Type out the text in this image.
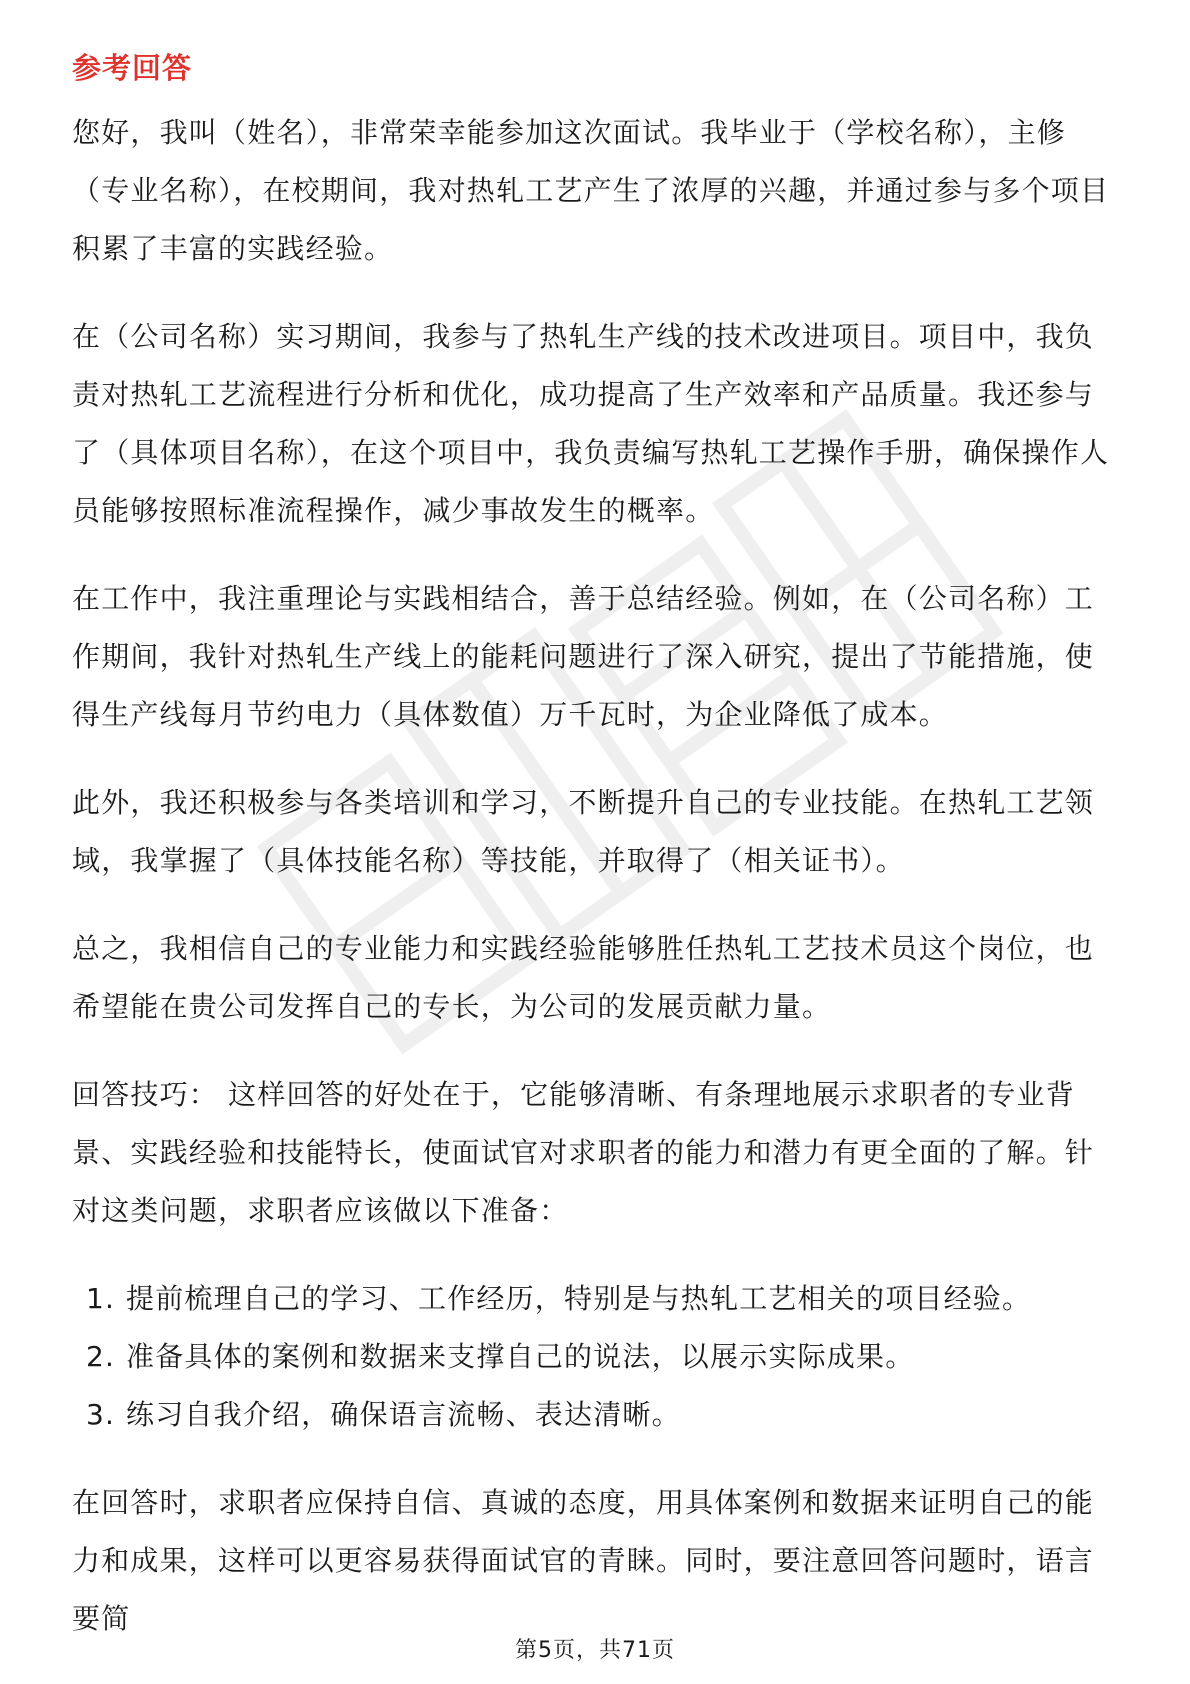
参考回答
您好，我叫（姓名），非常荣幸能参加这次面试。我毕业于（学校名称），主修（专业名称），在校期间，我对热轧工艺产生了浓厚的兴趣，并通过参与多个项目积累了丰富的实践经验。
在（公司名称）实习期间，我参与了热轧生产线的技术改进项目。项目中，我负责对热轧工艺流程进行分析和优化，成功提高了生产效率和产品质量。我还参与了（具体项目名称），在这个项目中，我负责编写热轧工艺操作手册，确保操作人员能够按照标准流程操作，减少事故发生的概率。
在工作中，我注重理论与实践相结合，善于总结经验。例如，在（公司名称）工作期间，我针对热轧生产线上的能耗问题进行了深入研究，提出了节能措施，使得生产线每月节约电力（具体数值）万千瓦时，为企业降低了成本。
此外，我还积极参与各类培训和学习，不断提升自己的专业技能。在热轧工艺领域，我掌握了（具体技能名称）等技能，并取得了（相关证书）。
总之，我相信自己的专业能力和实践经验能够胜任热轧工艺技术员这个岗位，也希望能在贵公司发挥自己的专长，为公司的发展贡献力量。
回答技巧： 这样回答的好处在于，它能够清晰、有条理地展示求职者的专业背景、实践经验和技能特长，使面试官对求职者的能力和潜力有更全面的了解。针对这类问题，求职者应该做以下准备：
1. 提前梳理自己的学习、工作经历，特别是与热轧工艺相关的项目经验。
2. 准备具体的案例和数据来支撑自己的说法，以展示实际成果。
3. 练习自我介绍，确保语言流畅、表达清晰。
在回答时，求职者应保持自信、真诚的态度，用具体案例和数据来证明自己的能力和成果，这样可以更容易获得面试官的青睐。同时，要注意回答问题时，语言要简
第5页，共71页
